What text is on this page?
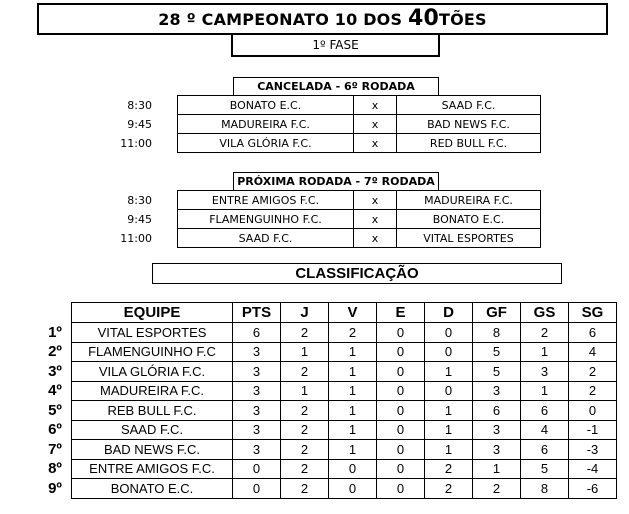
28 º CAMPEONATO 10 DOS 40TÕES
1º FASE
CANCELADA - 6º RODADA
8:30	BONATO E.C.	x	SAAD F.C.
9:45	MADUREIRA F.C.	x	BAD NEWS F.C.
11:00	VILA GLÓRIA F.C.	x	RED BULL F.C.
PRÓXIMA RODADA - 7º RODADA
8:30	ENTRE AMIGOS F.C.	x	MADUREIRA F.C.
9:45	FLAMENGUINHO F.C.	x	BONATO E.C.
11:00	SAAD F.C.	x	VITAL ESPORTES
CLASSIFICAÇÃO
	EQUIPE	PTS	J	V	E	D	GF	GS	SG
1º	VITAL ESPORTES	6	2	2	0	0	8	2	6
2º	FLAMENGUINHO F.C	3	1	1	0	0	5	1	4
3º	VILA GLÓRIA F.C.	3	2	1	0	1	5	3	2
4º	MADUREIRA F.C.	3	1	1	0	0	3	1	2
5º	REB BULL F.C.	3	2	1	0	1	6	6	0
6º	SAAD F.C.	3	2	1	0	1	3	4	-1
7º	BAD NEWS F.C.	3	2	1	0	1	3	6	-3
8º	ENTRE AMIGOS F.C.	0	2	0	0	2	1	5	-4
9º	BONATO E.C.	0	2	0	0	2	2	8	-6
